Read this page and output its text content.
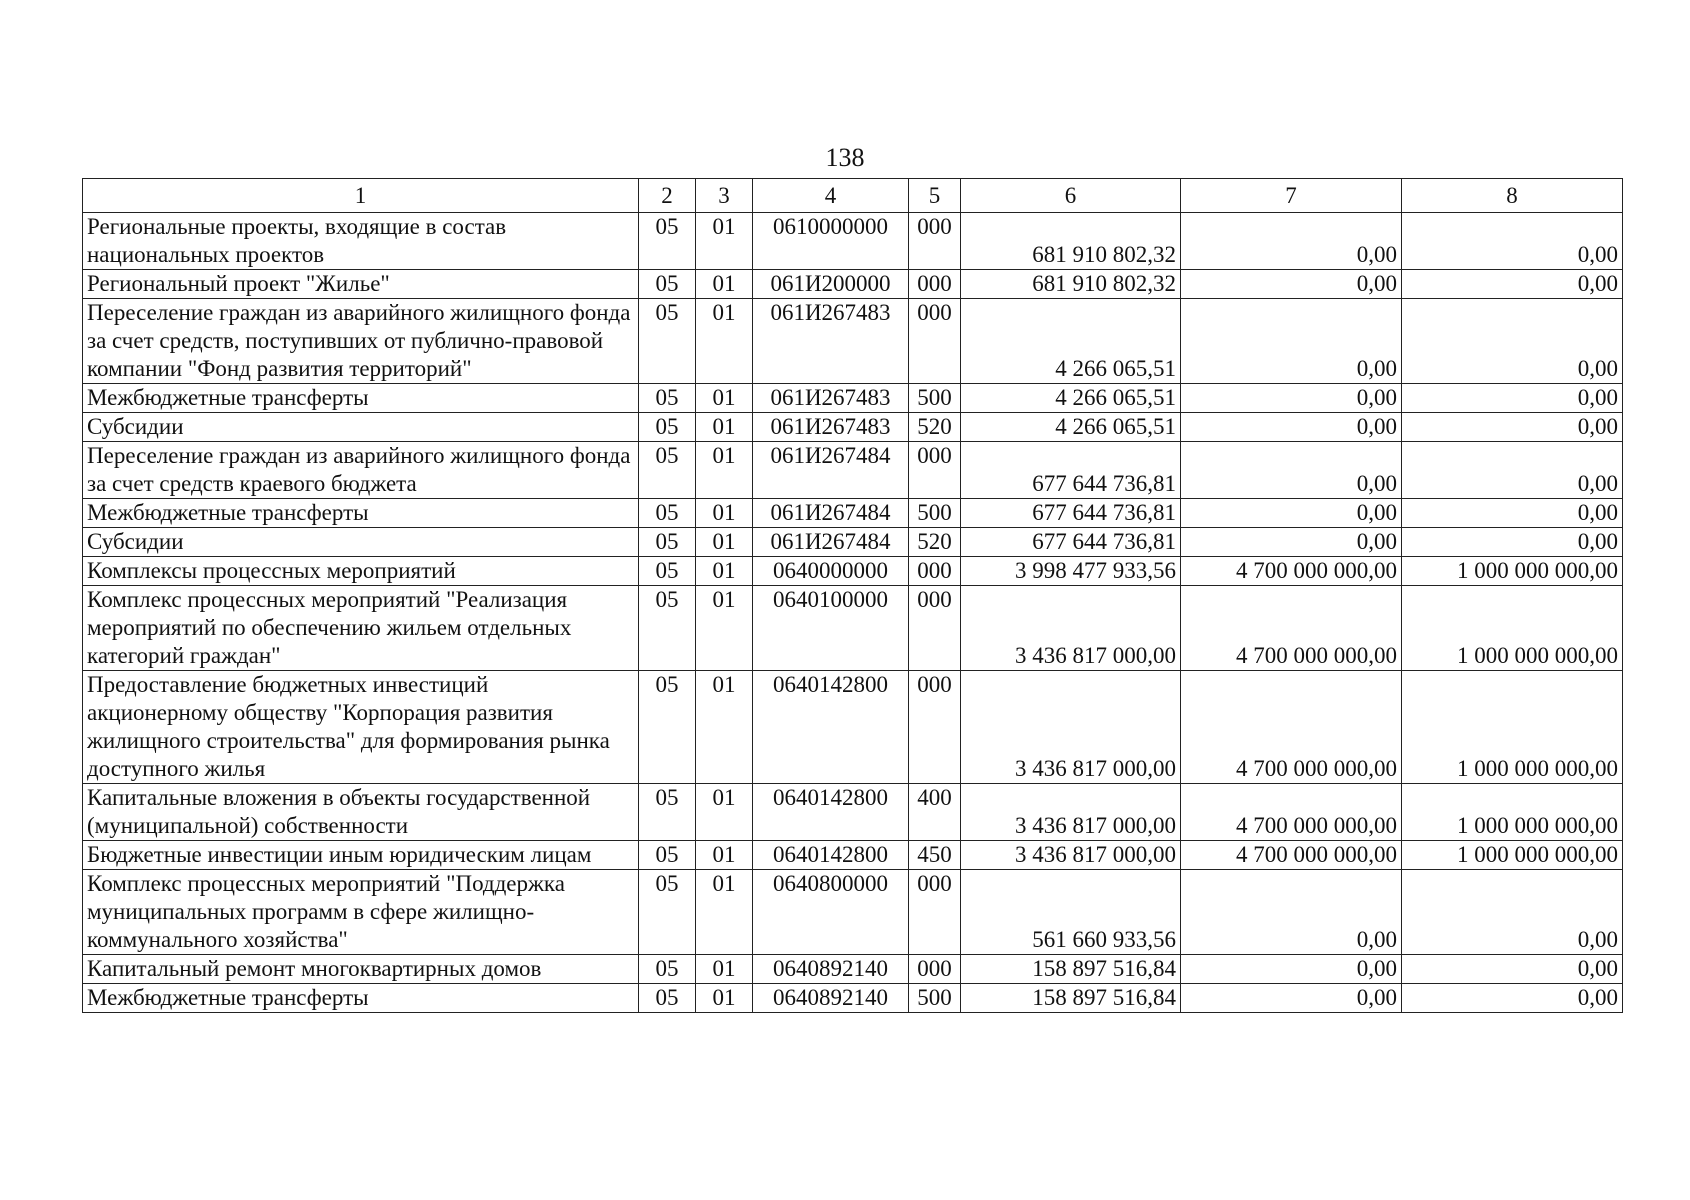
138
1	2	3	4	5	6	7	8
Региональные проекты, входящие в состав национальных проектов	05	01	0610000000	000	681 910 802,32	0,00	0,00
Региональный проект "Жилье"	05	01	061И200000	000	681 910 802,32	0,00	0,00
Переселение граждан из аварийного жилищного фонда за счет средств, поступивших от публично-правовой компании "Фонд развития территорий"	05	01	061И267483	000	4 266 065,51	0,00	0,00
Межбюджетные трансферты	05	01	061И267483	500	4 266 065,51	0,00	0,00
Субсидии	05	01	061И267483	520	4 266 065,51	0,00	0,00
Переселение граждан из аварийного жилищного фонда за счет средств краевого бюджета	05	01	061И267484	000	677 644 736,81	0,00	0,00
Межбюджетные трансферты	05	01	061И267484	500	677 644 736,81	0,00	0,00
Субсидии	05	01	061И267484	520	677 644 736,81	0,00	0,00
Комплексы процессных мероприятий	05	01	0640000000	000	3 998 477 933,56	4 700 000 000,00	1 000 000 000,00
Комплекс процессных мероприятий "Реализация мероприятий по обеспечению жильем отдельных категорий граждан"	05	01	0640100000	000	3 436 817 000,00	4 700 000 000,00	1 000 000 000,00
Предоставление бюджетных инвестиций акционерному обществу "Корпорация развития жилищного строительства" для формирования рынка доступного жилья	05	01	0640142800	000	3 436 817 000,00	4 700 000 000,00	1 000 000 000,00
Капитальные вложения в объекты государственной (муниципальной) собственности	05	01	0640142800	400	3 436 817 000,00	4 700 000 000,00	1 000 000 000,00
Бюджетные инвестиции иным юридическим лицам	05	01	0640142800	450	3 436 817 000,00	4 700 000 000,00	1 000 000 000,00
Комплекс процессных мероприятий "Поддержка муниципальных программ в сфере жилищно-коммунального хозяйства"	05	01	0640800000	000	561 660 933,56	0,00	0,00
Капитальный ремонт многоквартирных домов	05	01	0640892140	000	158 897 516,84	0,00	0,00
Межбюджетные трансферты	05	01	0640892140	500	158 897 516,84	0,00	0,00
